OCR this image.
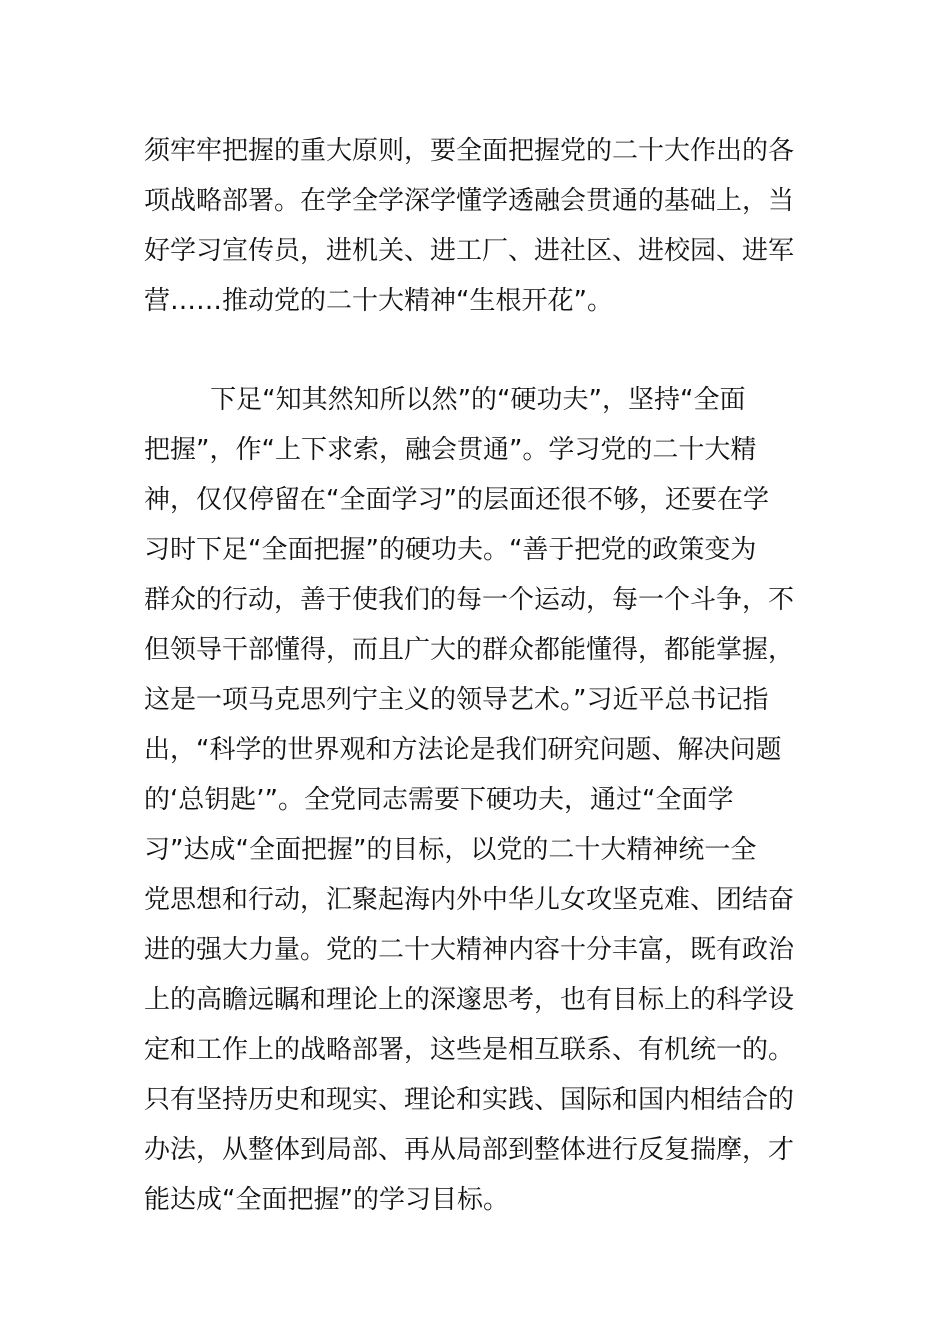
须牢牢把握的重大原则，要全面把握党的二十大作出的各
项战略部署。在学全学深学懂学透融会贯通的基础上，当
好学习宣传员，进机关、进工厂、进社区、进校园、进军
营……推动党的二十大精神“生根开花”。
下足“知其然知所以然”的“硬功夫”，坚持“全面
把握”，作“上下求索，融会贯通”。学习党的二十大精
神，仅仅停留在“全面学习”的层面还很不够，还要在学
习时下足“全面把握”的硬功夫。“善于把党的政策变为
群众的行动，善于使我们的每一个运动，每一个斗争，不
但领导干部懂得，而且广大的群众都能懂得，都能掌握，
这是一项马克思列宁主义的领导艺术。”习近平总书记指
出，“科学的世界观和方法论是我们研究问题、解决问题
的‘总钥匙’”。全党同志需要下硬功夫，通过“全面学
习”达成“全面把握”的目标，以党的二十大精神统一全
党思想和行动，汇聚起海内外中华儿女攻坚克难、团结奋
进的强大力量。党的二十大精神内容十分丰富，既有政治
上的高瞻远瞩和理论上的深邃思考，也有目标上的科学设
定和工作上的战略部署，这些是相互联系、有机统一的。
只有坚持历史和现实、理论和实践、国际和国内相结合的
办法，从整体到局部、再从局部到整体进行反复揣摩，才
能达成“全面把握”的学习目标。
